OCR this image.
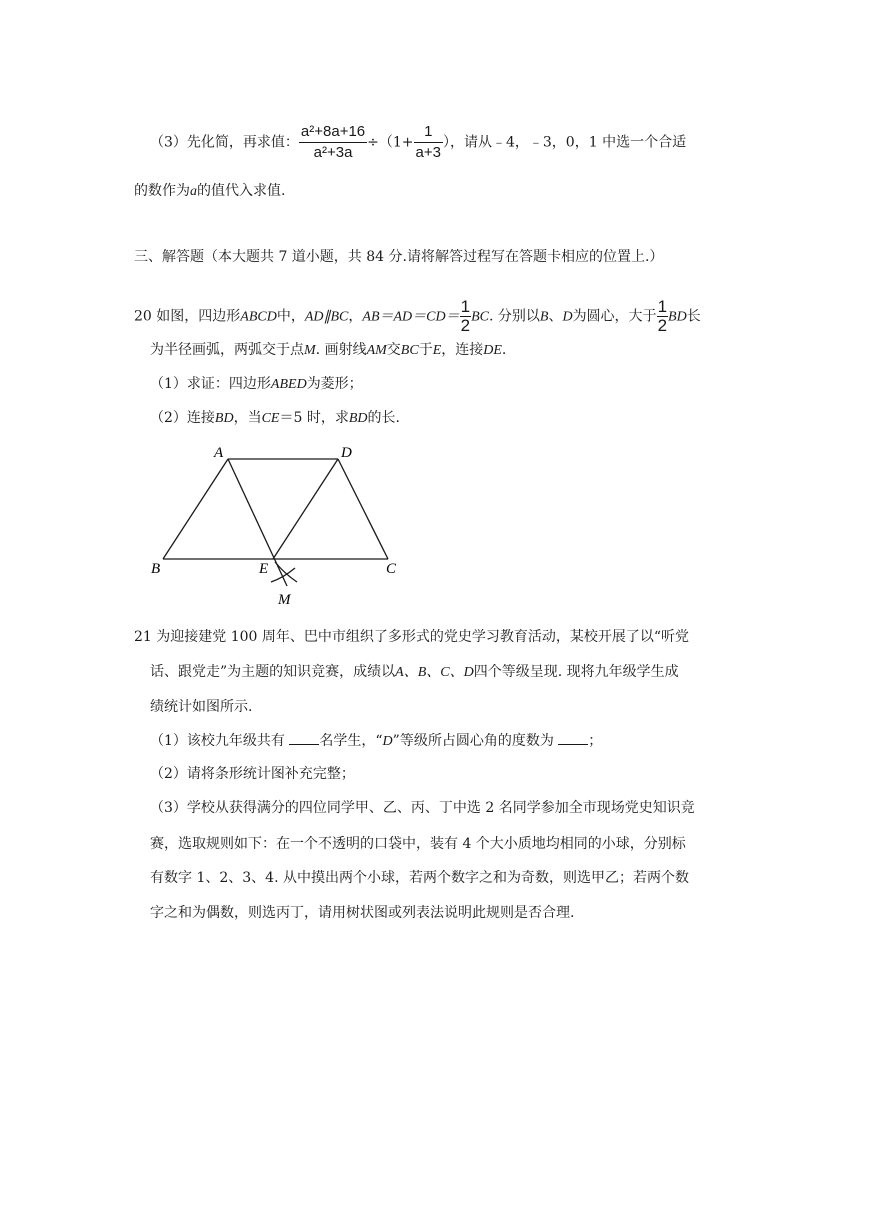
（3）先化简，再求值： $\frac{\text{a²+8a+16}}{\text{a²+3a}} \div(1+ \frac{1}{a+3}$ ），请从﹣4，﹣3，0，1 中选一个合适
的数作为a的值代入求值.
三、解答题（本大题共 7 道小题，共 84 分.请将解答过程写在答题卡相应的位置上.）
20 如图，四边形ABCD中，AD∥BC，$AB=AD=CD= \frac{1}{2}$ BC. 分别以B、D为圆心，大于 $\frac{1}{2}$ BD长
为半径画弧，两弧交于点M. 画射线AM交BC于E，连接DE.
（1）求证：四边形ABED为菱形；
（2）连接BD，当CE＝5 时，求BD的长.
A	D
B	E	C
M
21 为迎接建党 100 周年、巴中市组织了多形式的党史学习教育活动，某校开展了以“听党
话、跟党走”为主题的知识竞赛，成绩以A、B、C、D四个等级呈现. 现将九年级学生成
绩统计如图所示.
（1）该校九年级共有 名学生，“D”等级所占圆心角的度数为 ；
（2）请将条形统计图补充完整；
（3）学校从获得满分的四位同学甲、乙、丙、丁中选 2 名同学参加全市现场党史知识竞
赛，选取规则如下：在一个不透明的口袋中，装有 4 个大小质地均相同的小球，分别标
有数字 1、2、3、4. 从中摸出两个小球，若两个数字之和为奇数，则选甲乙；若两个数
字之和为偶数，则选丙丁，请用树状图或列表法说明此规则是否合理.
